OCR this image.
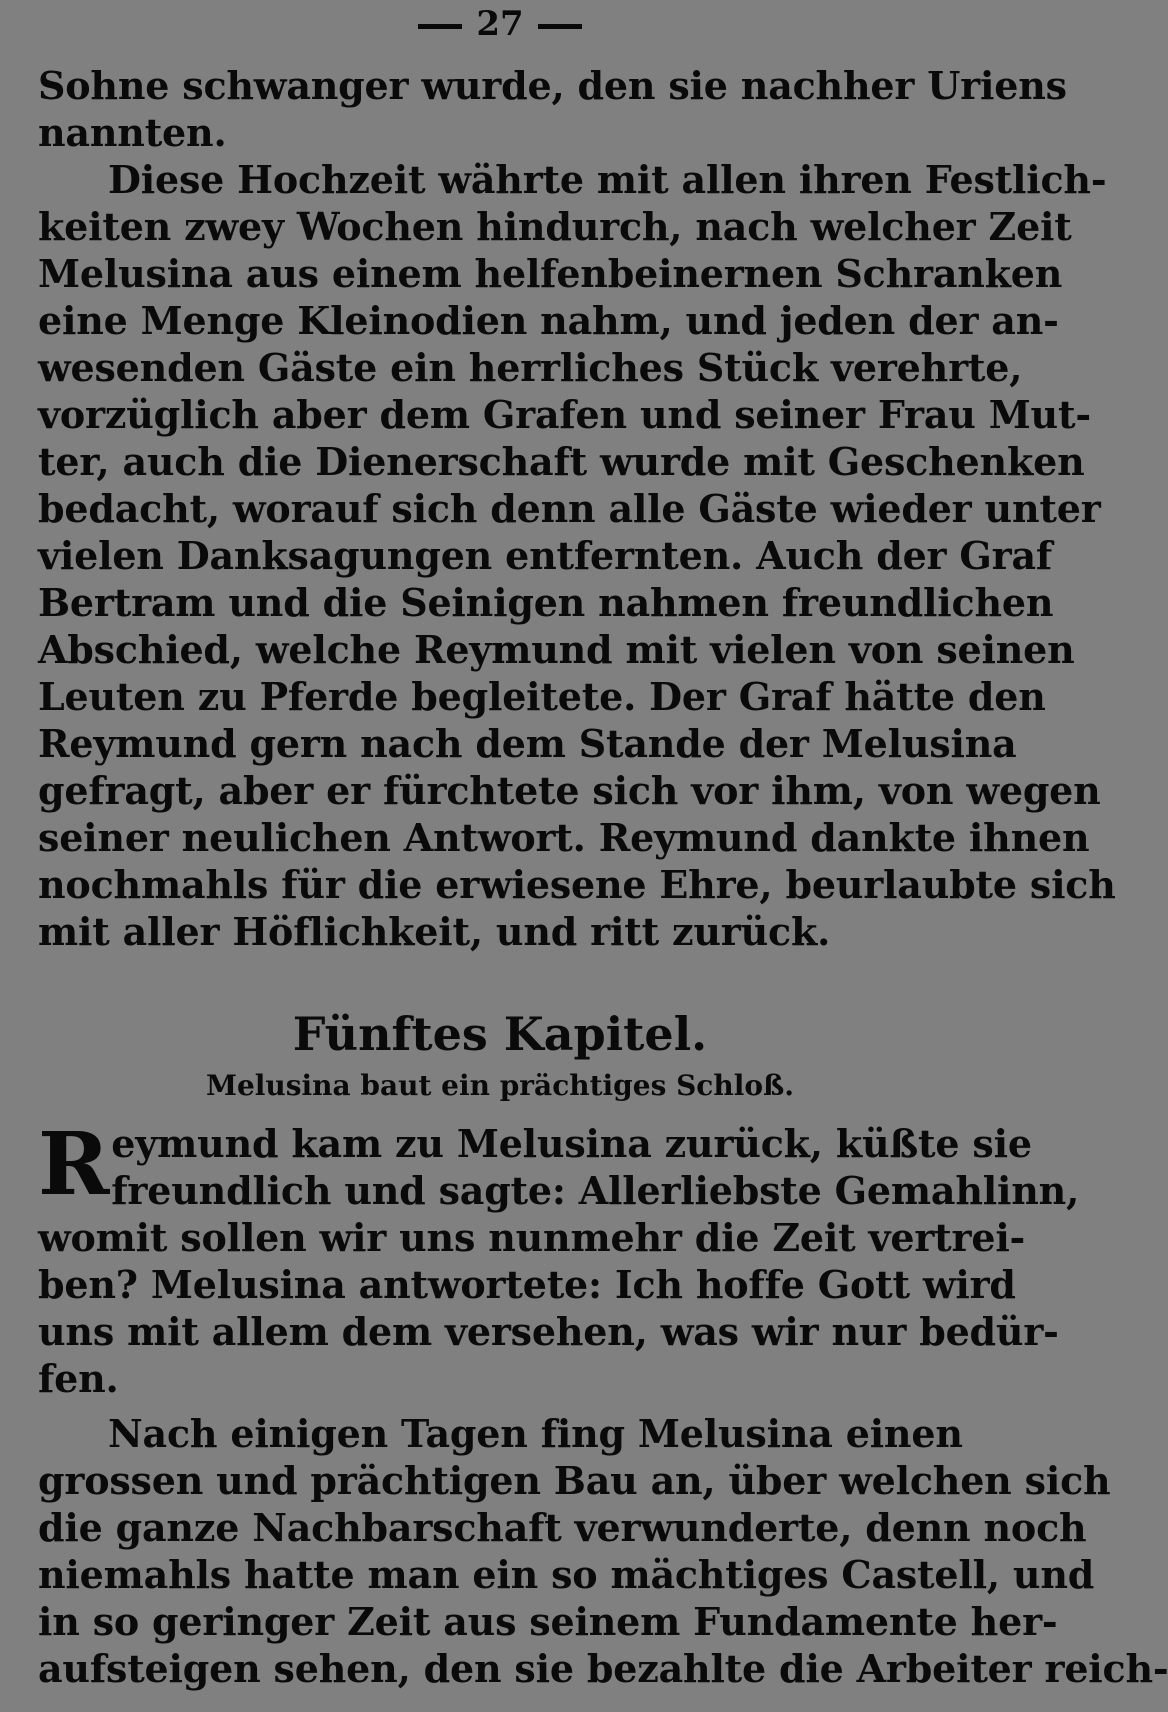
27
Sohne schwanger wurde, den sie nachher Uriens
nannten.
Diese Hochzeit währte mit allen ihren Festlich-
keiten zwey Wochen hindurch, nach welcher Zeit
Melusina aus einem helfenbeinernen Schranken
eine Menge Kleinodien nahm, und jeden der an-
wesenden Gäste ein herrliches Stück verehrte,
vorzüglich aber dem Grafen und seiner Frau Mut-
ter, auch die Dienerschaft wurde mit Geschenken
bedacht, worauf sich denn alle Gäste wieder unter
vielen Danksagungen entfernten. Auch der Graf
Bertram und die Seinigen nahmen freundlichen
Abschied, welche Reymund mit vielen von seinen
Leuten zu Pferde begleitete. Der Graf hätte den
Reymund gern nach dem Stande der Melusina
gefragt, aber er fürchtete sich vor ihm, von wegen
seiner neulichen Antwort. Reymund dankte ihnen
nochmahls für die erwiesene Ehre, beurlaubte sich
mit aller Höflichkeit, und ritt zurück.
Fünftes Kapitel.
Melusina baut ein prächtiges Schloß.
R eymund kam zu Melusina zurück, küßte sie
freundlich und sagte: Allerliebste Gemahlinn,
womit sollen wir uns nunmehr die Zeit vertrei-
ben? Melusina antwortete: Ich hoffe Gott wird
uns mit allem dem versehen, was wir nur bedür-
fen.
Nach einigen Tagen fing Melusina einen
grossen und prächtigen Bau an, über welchen sich
die ganze Nachbarschaft verwunderte, denn noch
niemahls hatte man ein so mächtiges Castell, und
in so geringer Zeit aus seinem Fundamente her-
aufsteigen sehen, den sie bezahlte die Arbeiter reich-
